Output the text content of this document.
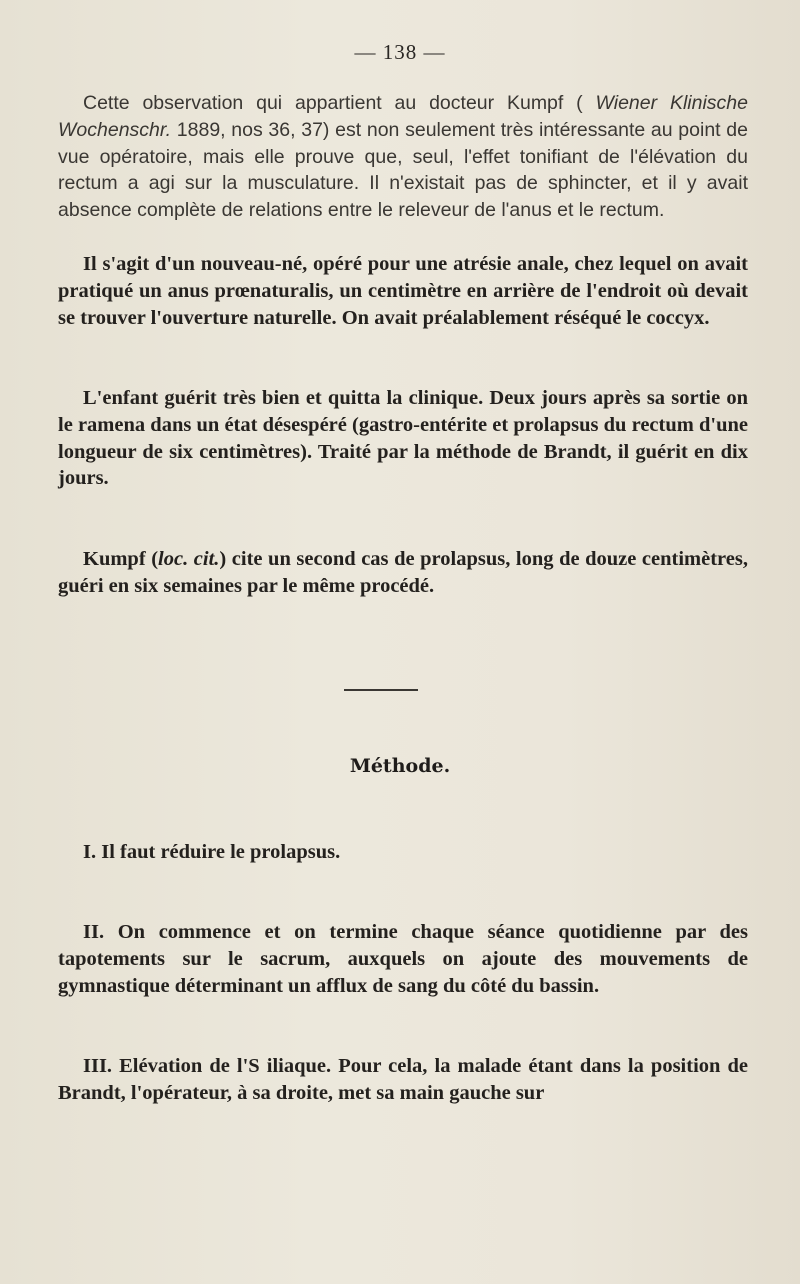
— 138 —

Cette observation qui appartient au docteur Kumpf ( Wiener Klinische Wochenschr. 1889, nos 36, 37) est non seulement très intéressante au point de vue opératoire, mais elle prouve que, seul, l'effet tonifiant de l'élévation du rectum a agi sur la musculature. Il n'existait pas de sphincter, et il y avait absence complète de relations entre le releveur de l'anus et le rectum.

Il s'agit d'un nouveau-né, opéré pour une atrésie anale, chez lequel on avait pratiqué un anus prœnaturalis, un centimètre en arrière de l'endroit où devait se trouver l'ouverture naturelle. On avait préalablement réséqué le coccyx.

L'enfant guérit très bien et quitta la clinique. Deux jours après sa sortie on le ramena dans un état désespéré (gastro-entérite et prolapsus du rectum d'une longueur de six centimètres). Traité par la méthode de Brandt, il guérit en dix jours.

Kumpf (loc. cit.) cite un second cas de prolapsus, long de douze centimètres, guéri en six semaines par le même procédé.

Méthode.

I. Il faut réduire le prolapsus.

II. On commence et on termine chaque séance quotidienne par des tapotements sur le sacrum, auxquels on ajoute des mouvements de gymnastique déterminant un afflux de sang du côté du bassin.

III. Elévation de l'S iliaque. Pour cela, la malade étant dans la position de Brandt, l'opérateur, à sa droite, met sa main gauche sur
